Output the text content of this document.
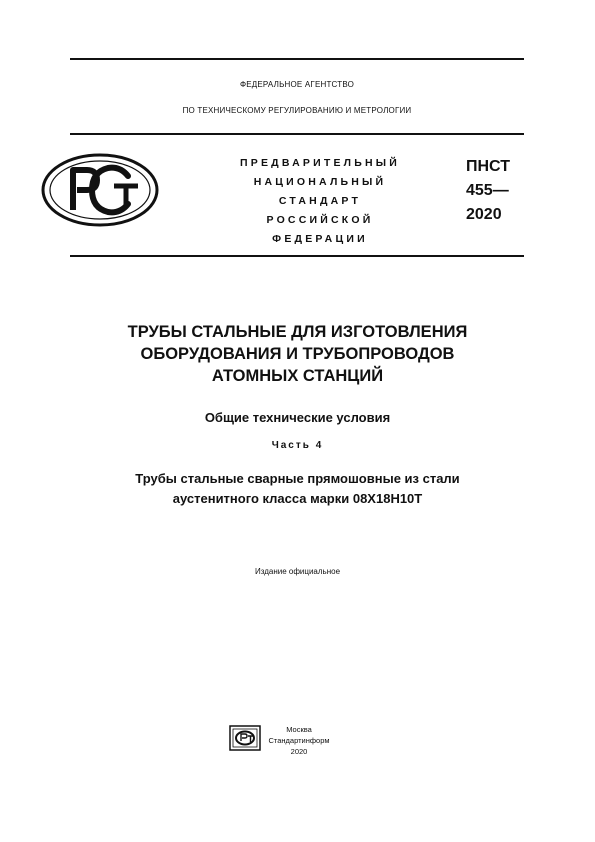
ФЕДЕРАЛЬНОЕ АГЕНТСТВО
ПО ТЕХНИЧЕСКОМУ РЕГУЛИРОВАНИЮ И МЕТРОЛОГИИ
ПРЕДВАРИТЕЛЬНЫЙ
НАЦИОНАЛЬНЫЙ
СТАНДАРТ
РОССИЙСКОЙ
ФЕДЕРАЦИИ
ПНСТ
455—
2020
ТРУБЫ СТАЛЬНЫЕ ДЛЯ ИЗГОТОВЛЕНИЯ
ОБОРУДОВАНИЯ И ТРУБОПРОВОДОВ
АТОМНЫХ СТАНЦИЙ
Общие технические условия
Часть 4
Трубы стальные сварные прямошовные из стали
аустенитного класса марки 08Х18Н10Т
Издание официальное
Москва
Стандартинформ
2020
